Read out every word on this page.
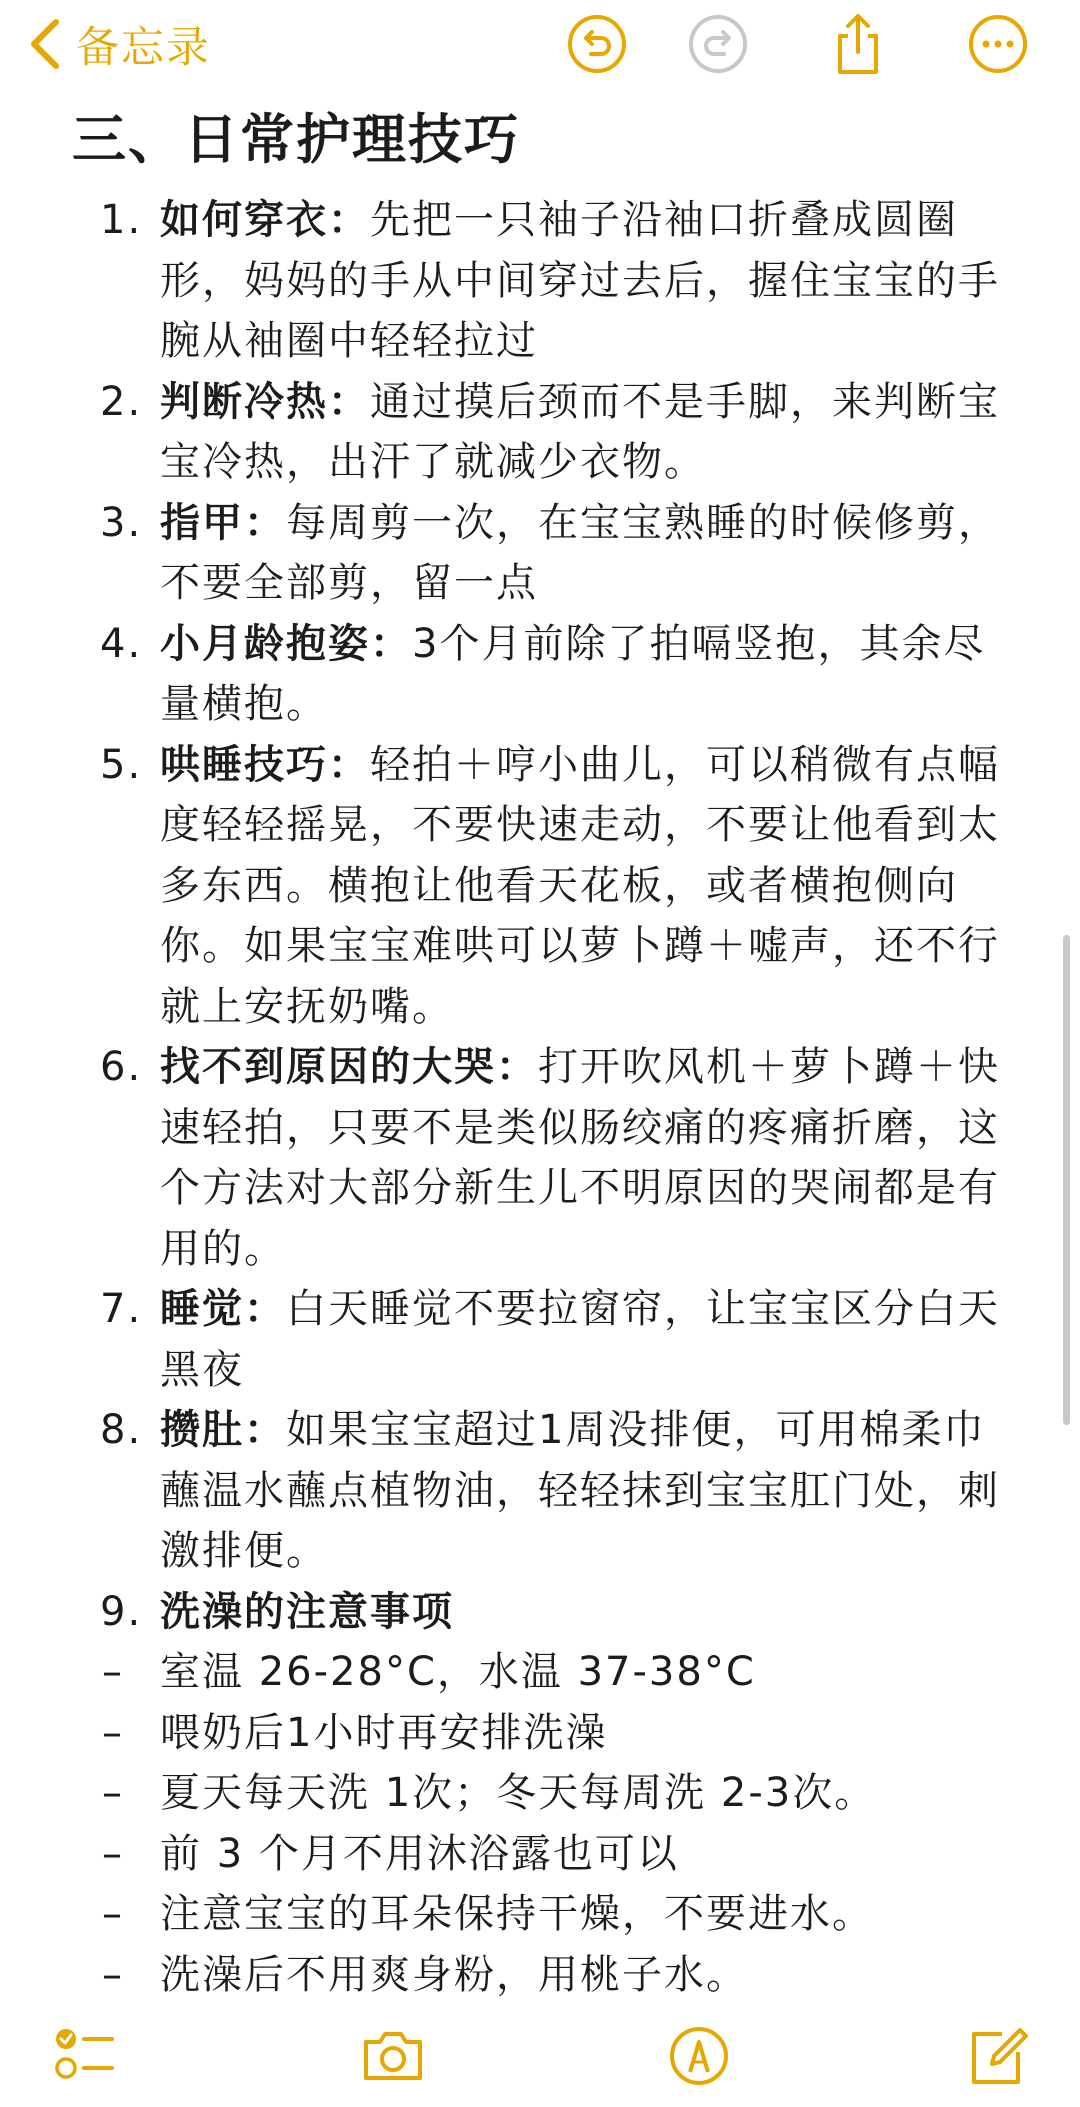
备忘录
三、日常护理技巧
1. 如何穿衣：先把一只袖子沿袖口折叠成圆圈形，妈妈的手从中间穿过去后，握住宝宝的手腕从袖圈中轻轻拉过
2. 判断冷热：通过摸后颈而不是手脚，来判断宝宝冷热，出汗了就减少衣物。
3. 指甲：每周剪一次，在宝宝熟睡的时候修剪，不要全部剪，留一点
4. 小月龄抱姿：3个月前除了拍嗝竖抱，其余尽量横抱。
5. 哄睡技巧：轻拍＋哼小曲儿，可以稍微有点幅度轻轻摇晃，不要快速走动，不要让他看到太多东西。横抱让他看天花板，或者横抱侧向你。如果宝宝难哄可以萝卜蹲＋嘘声，还不行就上安抚奶嘴。
6. 找不到原因的大哭：打开吹风机＋萝卜蹲＋快速轻拍，只要不是类似肠绞痛的疼痛折磨，这个方法对大部分新生儿不明原因的哭闹都是有用的。
7. 睡觉：白天睡觉不要拉窗帘，让宝宝区分白天黑夜
8. 攒肚：如果宝宝超过1周没排便，可用棉柔巾蘸温水蘸点植物油，轻轻抹到宝宝肛门处，刺激排便。
9. 洗澡的注意事项
– 室温 26-28°C，水温 37-38°C
– 喂奶后1小时再安排洗澡
– 夏天每天洗 1次；冬天每周洗 2-3次。
– 前 3 个月不用沐浴露也可以
– 注意宝宝的耳朵保持干燥，不要进水。
– 洗澡后不用爽身粉，用桃子水。
